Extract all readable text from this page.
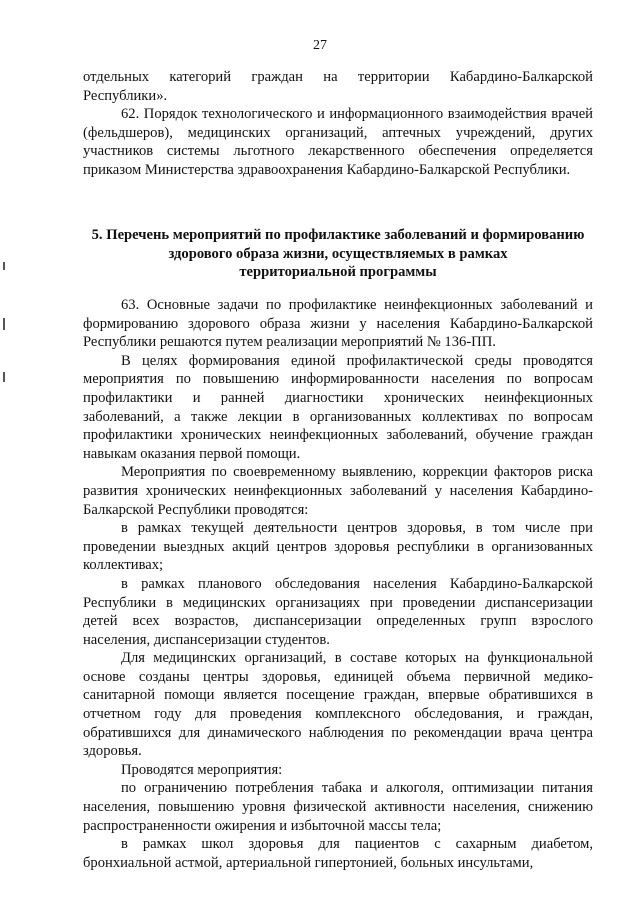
27

отдельных категорий граждан на территории Кабардино-Балкарской Республики».

62. Порядок технологического и информационного взаимодействия врачей (фельдшеров), медицинских организаций, аптечных учреждений, других участников системы льготного лекарственного обеспечения определяется приказом Министерства здравоохранения Кабардино-Балкарской Республики.

5. Перечень мероприятий по профилактике заболеваний и формированию
здорового образа жизни, осуществляемых в рамках
территориальной программы

63. Основные задачи по профилактике неинфекционных заболеваний и формированию здорового образа жизни у населения Кабардино-Балкарской Республики решаются путем реализации мероприятий № 136-ПП.

В целях формирования единой профилактической среды проводятся мероприятия по повышению информированности населения по вопросам профилактики и ранней диагностики хронических неинфекционных заболеваний, а также лекции в организованных коллективах по вопросам профилактики хронических неинфекционных заболеваний, обучение граждан навыкам оказания первой помощи.

Мероприятия по своевременному выявлению, коррекции факторов риска развития хронических неинфекционных заболеваний у населения Кабардино-Балкарской Республики проводятся:

в рамках текущей деятельности центров здоровья, в том числе при проведении выездных акций центров здоровья республики в организованных коллективах;

в рамках планового обследования населения Кабардино-Балкарской Республики в медицинских организациях при проведении диспансеризации детей всех возрастов, диспансеризации определенных групп взрослого населения, диспансеризации студентов.

Для медицинских организаций, в составе которых на функциональной основе созданы центры здоровья, единицей объема первичной медико-санитарной помощи является посещение граждан, впервые обратившихся в отчетном году для проведения комплексного обследования, и граждан, обратившихся для динамического наблюдения по рекомендации врача центра здоровья.

Проводятся мероприятия:

по ограничению потребления табака и алкоголя, оптимизации питания населения, повышению уровня физической активности населения, снижению распространенности ожирения и избыточной массы тела;

в рамках школ здоровья для пациентов с сахарным диабетом, бронхиальной астмой, артериальной гипертонией, больных инсультами,
